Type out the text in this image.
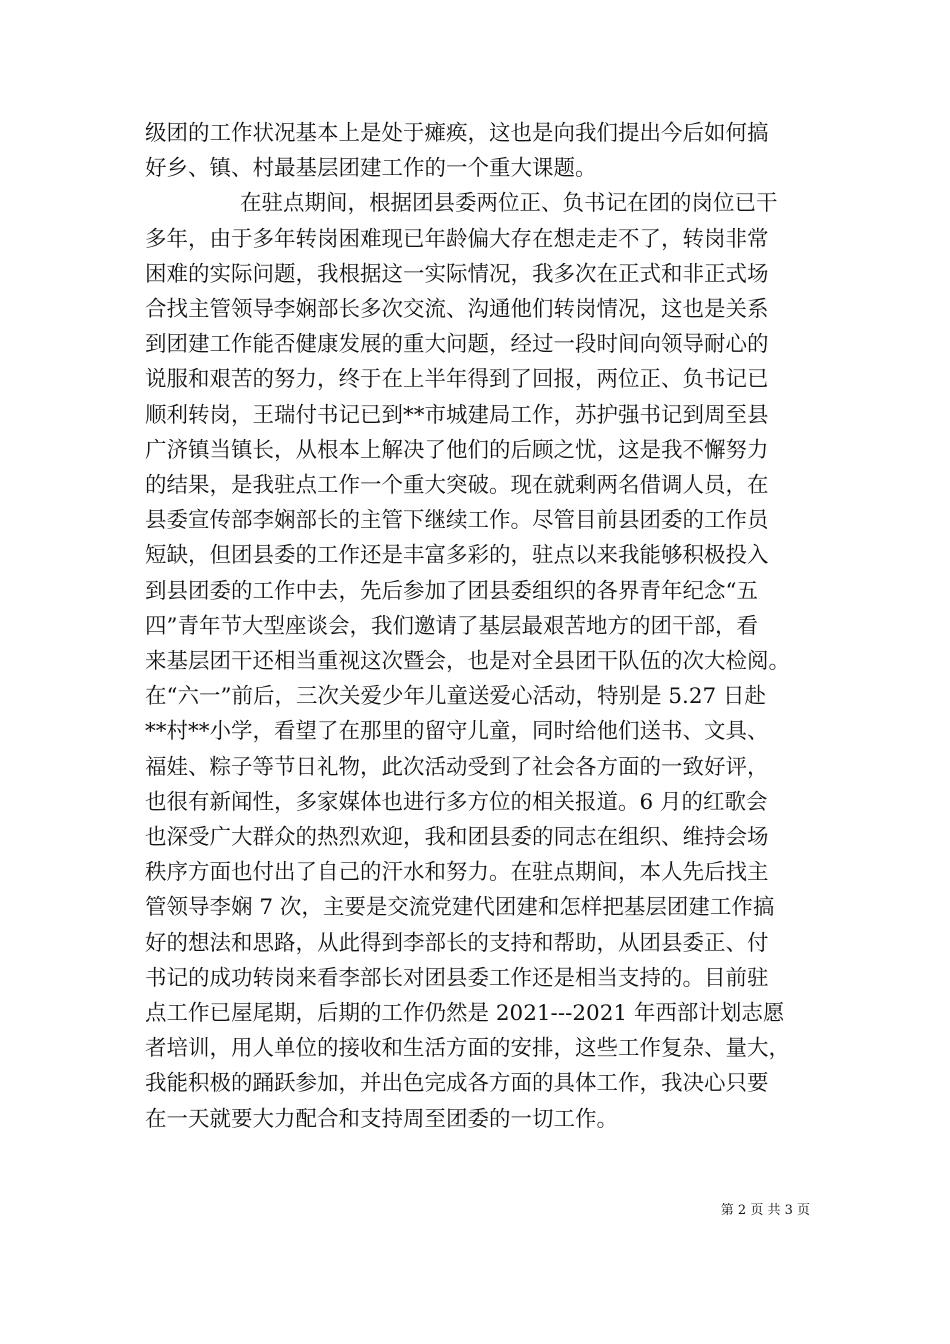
级团的工作状况基本上是处于瘫痪，这也是向我们提出今后如何搞
好乡、镇、村最基层团建工作的一个重大课题。
在驻点期间，根据团县委两位正、负书记在团的岗位已干
多年，由于多年转岗困难现已年龄偏大存在想走走不了，转岗非常
困难的实际问题，我根据这一实际情况，我多次在正式和非正式场
合找主管领导李娴部长多次交流、沟通他们转岗情况，这也是关系
到团建工作能否健康发展的重大问题，经过一段时间向领导耐心的
说服和艰苦的努力，终于在上半年得到了回报，两位正、负书记已
顺利转岗，王瑞付书记已到**市城建局工作，苏护强书记到周至县
广济镇当镇长，从根本上解决了他们的后顾之忧，这是我不懈努力
的结果，是我驻点工作一个重大突破。现在就剩两名借调人员，在
县委宣传部李娴部长的主管下继续工作。尽管目前县团委的工作员
短缺，但团县委的工作还是丰富多彩的，驻点以来我能够积极投入
到县团委的工作中去，先后参加了团县委组织的各界青年纪念“五
四”青年节大型座谈会，我们邀请了基层最艰苦地方的团干部，看
来基层团干还相当重视这次暨会，也是对全县团干队伍的次大检阅。
在“六一”前后，三次关爱少年儿童送爱心活动，特别是 5.27 日赴
**村**小学，看望了在那里的留守儿童，同时给他们送书、文具、
福娃、粽子等节日礼物，此次活动受到了社会各方面的一致好评，
也很有新闻性，多家媒体也进行多方位的相关报道。6 月的红歌会
也深受广大群众的热烈欢迎，我和团县委的同志在组织、维持会场
秩序方面也付出了自己的汗水和努力。在驻点期间，本人先后找主
管领导李娴 7 次，主要是交流党建代团建和怎样把基层团建工作搞
好的想法和思路，从此得到李部长的支持和帮助，从团县委正、付
书记的成功转岗来看李部长对团县委工作还是相当支持的。目前驻
点工作已屋尾期，后期的工作仍然是 2021---2021 年西部计划志愿
者培训，用人单位的接收和生活方面的安排，这些工作复杂、量大，
我能积极的踊跃参加，并出色完成各方面的具体工作，我决心只要
在一天就要大力配合和支持周至团委的一切工作。
第 2 页 共 3 页
